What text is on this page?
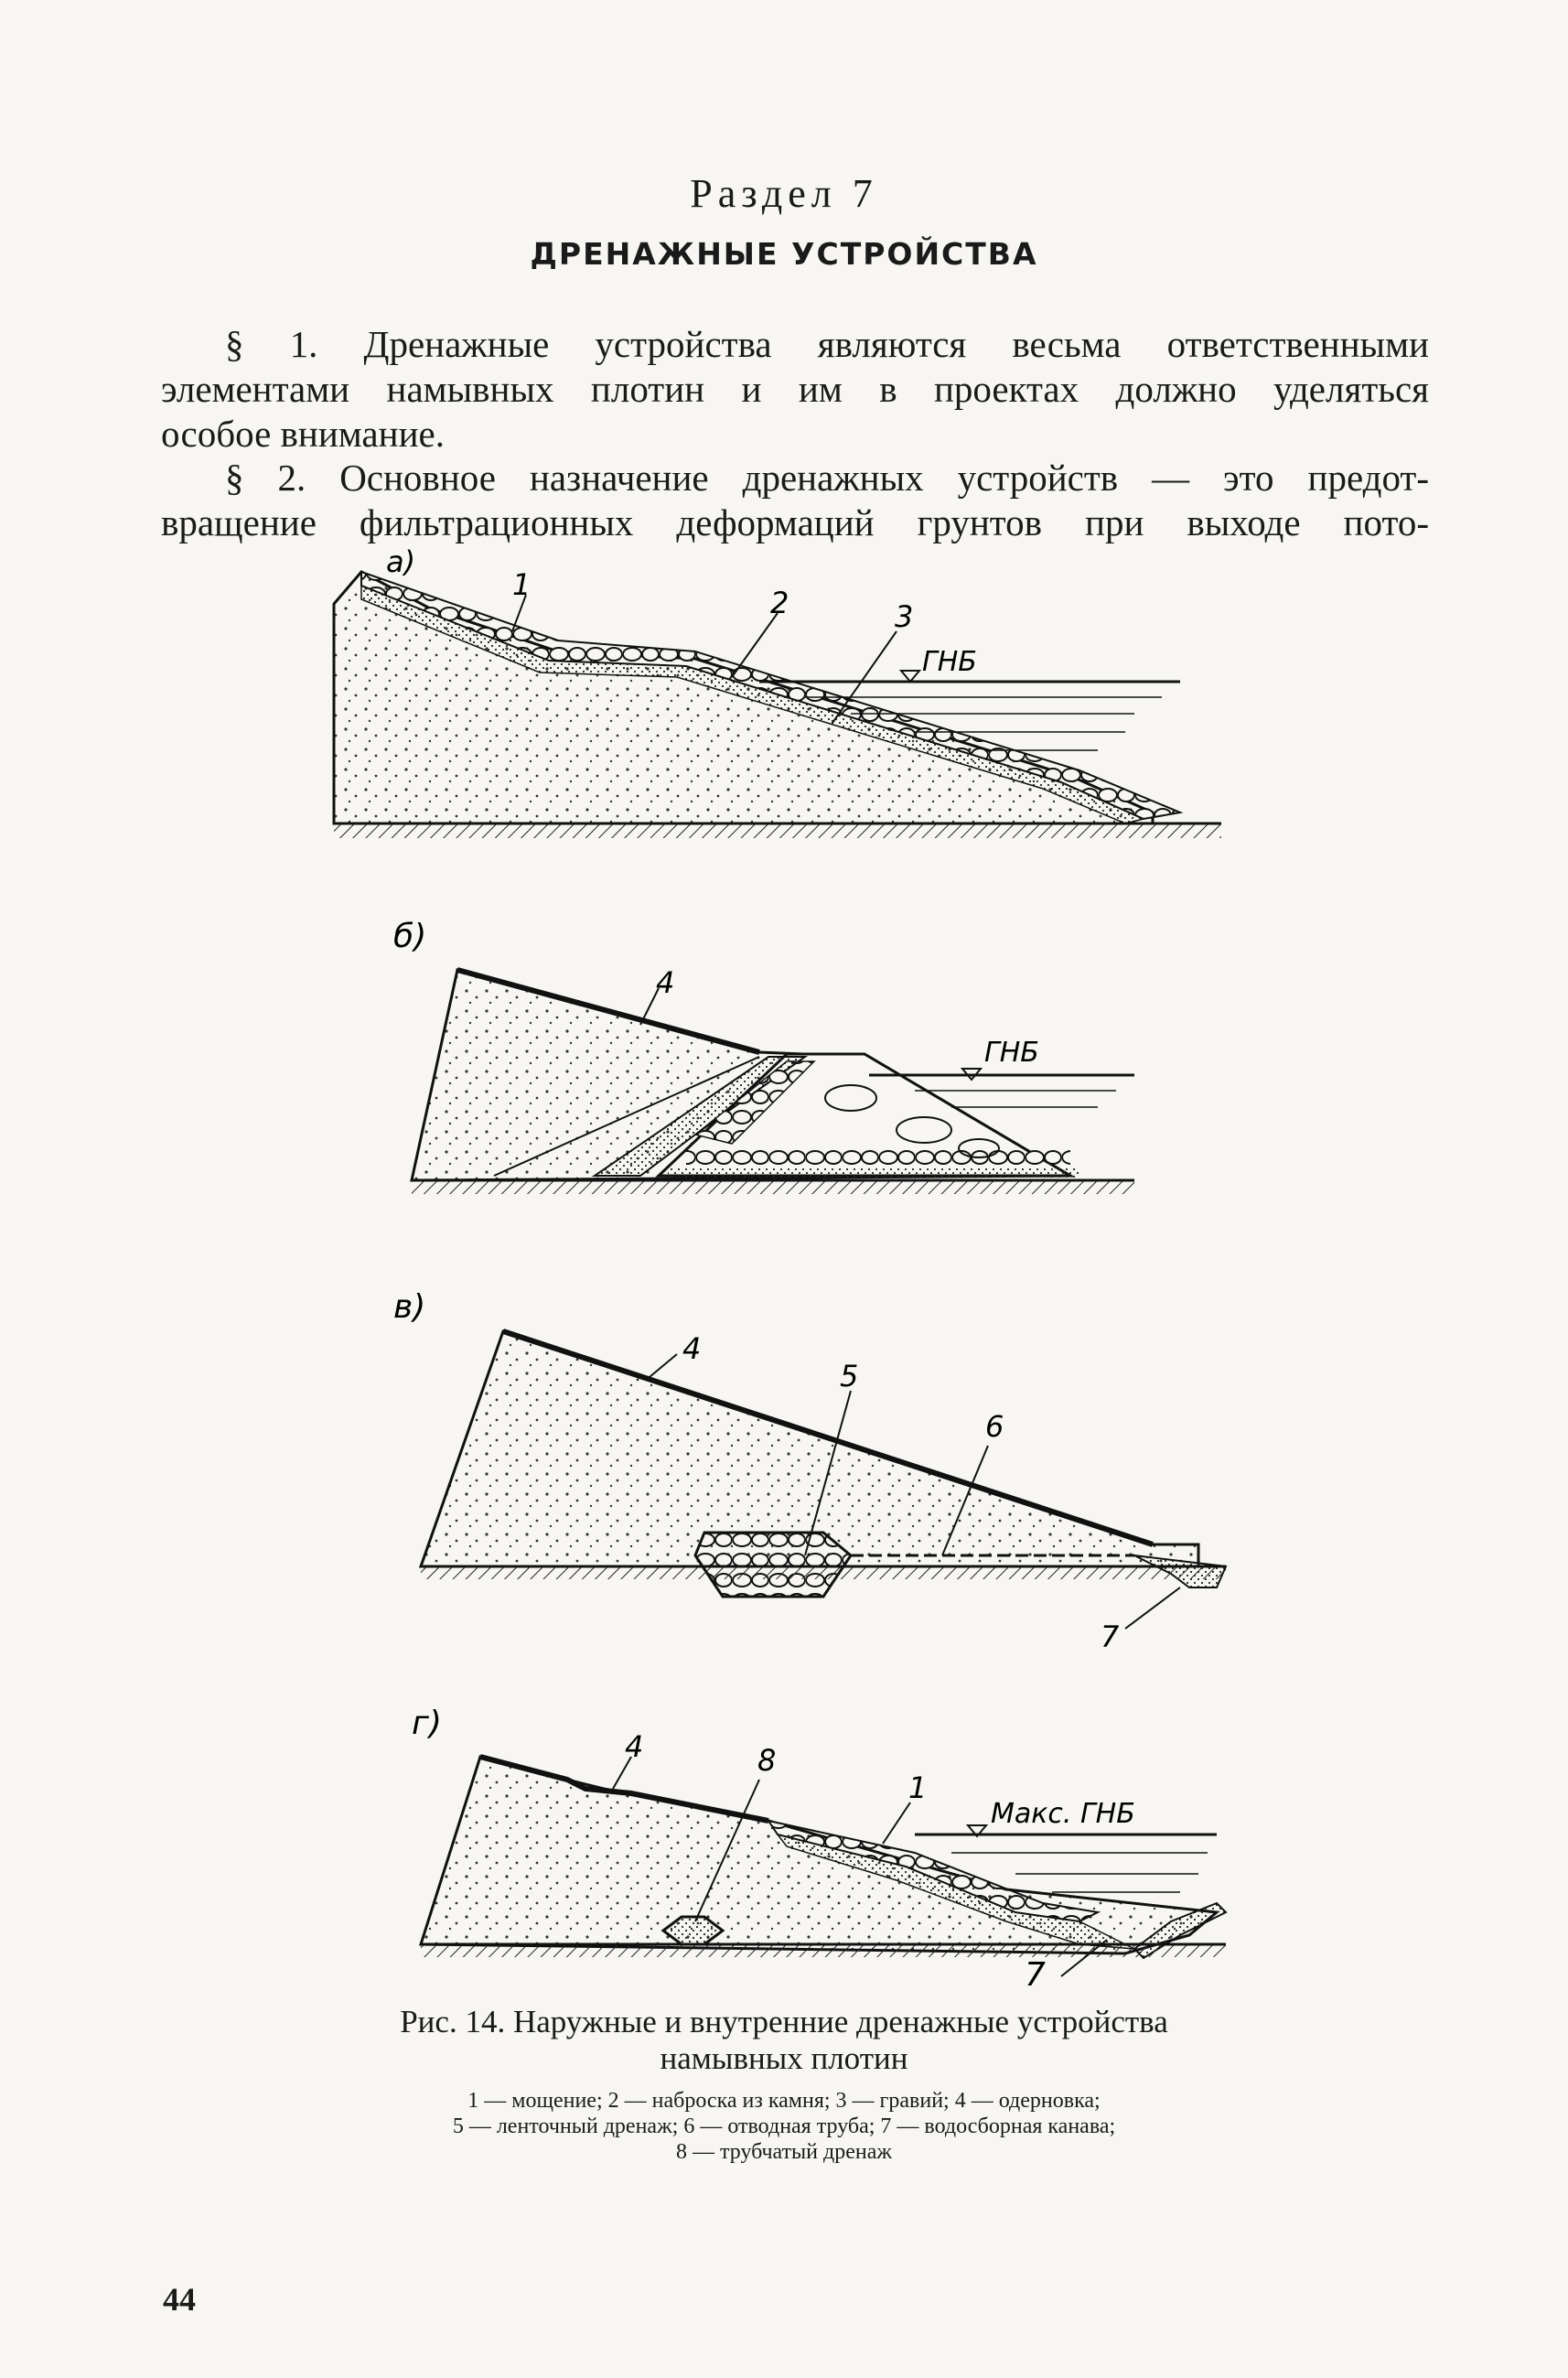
Раздел 7
ДРЕНАЖНЫЕ УСТРОЙСТВА
§ 1. Дренажные устройства являются весьма ответственными
элементами намывных плотин и им в проектах должно уделяться
особое внимание.
§ 2. Основное назначение дренажных устройств — это предот-
вращение фильтрационных деформаций грунтов при выходе пото-
а)
1
2	3
ГНБ
б)
4
ГНБ
в)
4
5
6
7
г)
4	8
1
Макс. ГНБ
7
Рис. 14. Наружные и внутренние дренажные устройства
намывных плотин
1 — мощение; 2 — наброска из камня; 3 — гравий; 4 — одерновка;
5 — ленточный дренаж; 6 — отводная труба; 7 — водосборная канава;
8 — трубчатый дренаж
44
